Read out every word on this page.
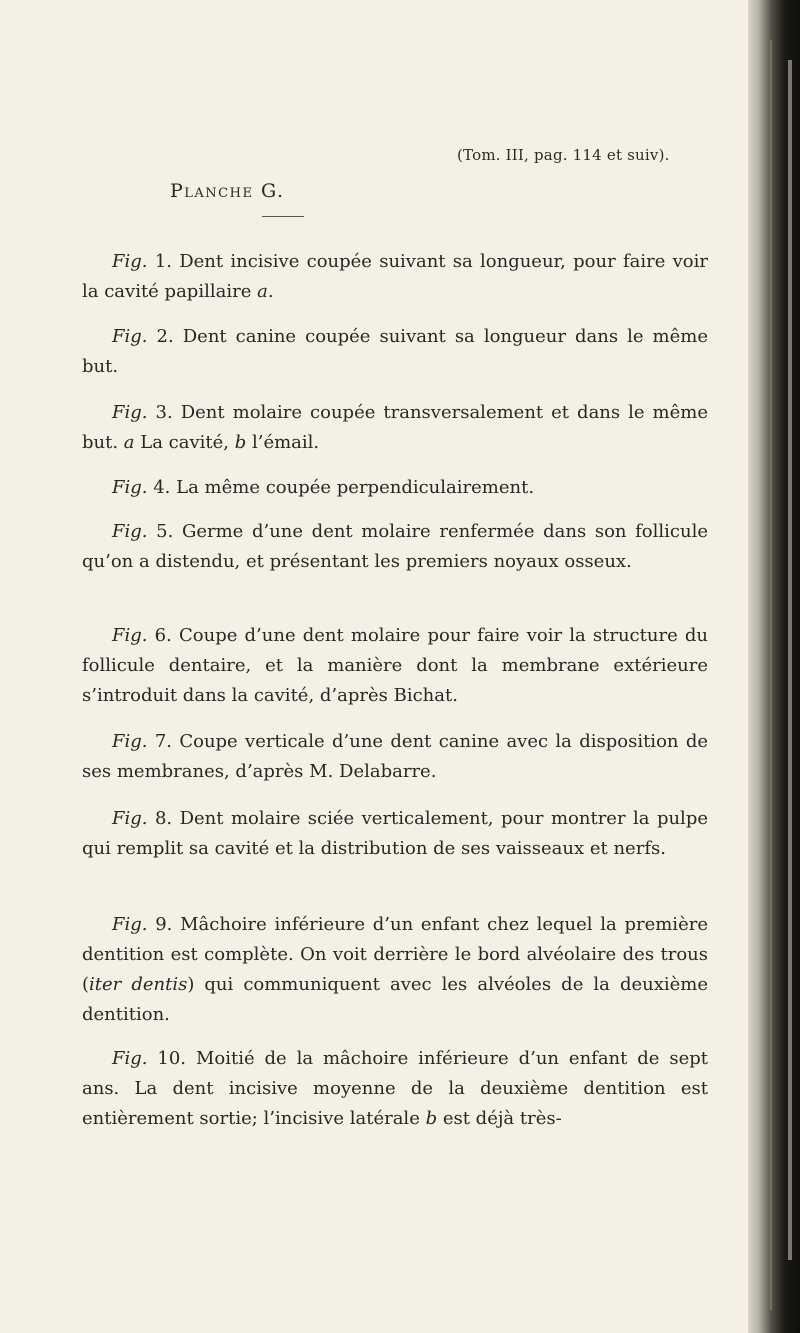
(Tom. III, pag. 114 et suiv).
Planche G.

Fig. 1. Dent incisive coupée suivant sa longueur, pour faire voir la cavité papillaire a.

Fig. 2. Dent canine coupée suivant sa longueur dans le même but.

Fig. 3. Dent molaire coupée transversalement et dans le même but. a La cavité, b l’émail.

Fig. 4. La même coupée perpendiculairement.

Fig. 5. Germe d’une dent molaire renfermée dans son follicule qu’on a distendu, et présentant les premiers noyaux osseux.

Fig. 6. Coupe d’une dent molaire pour faire voir la structure du follicule dentaire, et la manière dont la membrane extérieure s’introduit dans la cavité, d’après Bichat.

Fig. 7. Coupe verticale d’une dent canine avec la disposition de ses membranes, d’après M. Delabarre.

Fig. 8. Dent molaire sciée verticalement, pour montrer la pulpe qui remplit sa cavité et la distribution de ses vaisseaux et nerfs.

Fig. 9. Mâchoire inférieure d’un enfant chez lequel la première dentition est complète. On voit derrière le bord alvéolaire des trous (iter dentis) qui communiquent avec les alvéoles de la deuxième dentition.

Fig. 10. Moitié de la mâchoire inférieure d’un enfant de sept ans. La dent incisive moyenne de la deuxième dentition est entièrement sortie; l’incisive latérale b est déjà très-
